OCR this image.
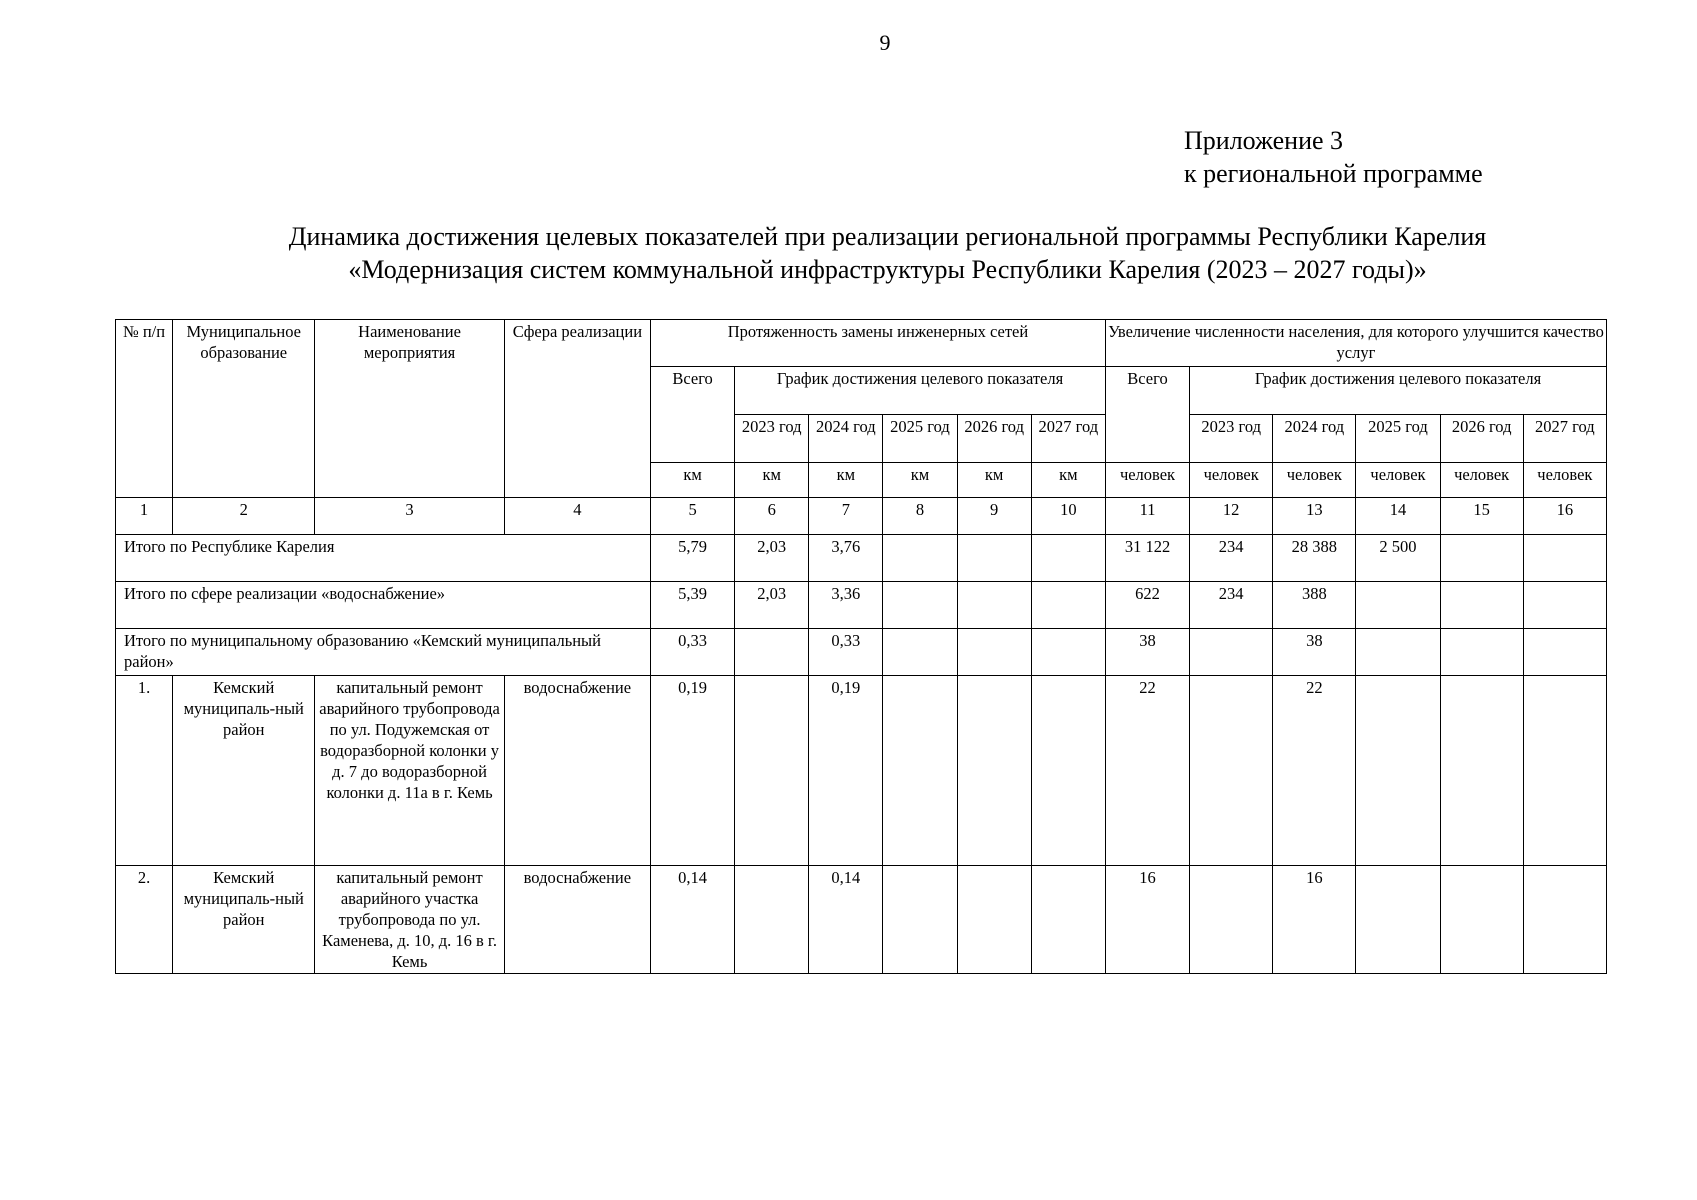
9
Приложение 3
к региональной программе
Динамика достижения целевых показателей при реализации региональной программы Республики Карелия
«Модернизация систем коммунальной инфраструктуры Республики Карелия (2023 – 2027 годы)»
№ п/п	Муниципальное образование	Наименование мероприятия	Сфера реализации	Протяженность замены инженерных сетей						Увеличение численности населения, для которого улучшится качество услуг					
				Всего	График достижения целевого показателя					Всего	График достижения целевого показателя				
					2023 год	2024 год	2025 год	2026 год	2027 год		2023 год	2024 год	2025 год	2026 год	2027 год
				км	км	км	км	км	км	человек	человек	человек	человек	человек	человек
1	2	3	4	5	6	7	8	9	10	11	12	13	14	15	16
Итого по Республике Карелия				5,79	2,03	3,76				31 122	234	28 388	2 500		
Итого по сфере реализации «водоснабжение»				5,39	2,03	3,36				622	234	388			
Итого по муниципальному образованию «Кемский муниципальный район»				0,33		0,33				38		38			
1.	Кемский муниципаль-ный район	капитальный ремонт аварийного трубопровода по ул. Подужемская от водоразборной колонки у д. 7 до водоразборной колонки д. 11а в г. Кемь	водоснабжение	0,19		0,19				22		22			
2.	Кемский муниципаль-ный район	капитальный ремонт аварийного участка трубопровода по ул. Каменева, д. 10, д. 16 в г. Кемь	водоснабжение	0,14		0,14				16		16			
